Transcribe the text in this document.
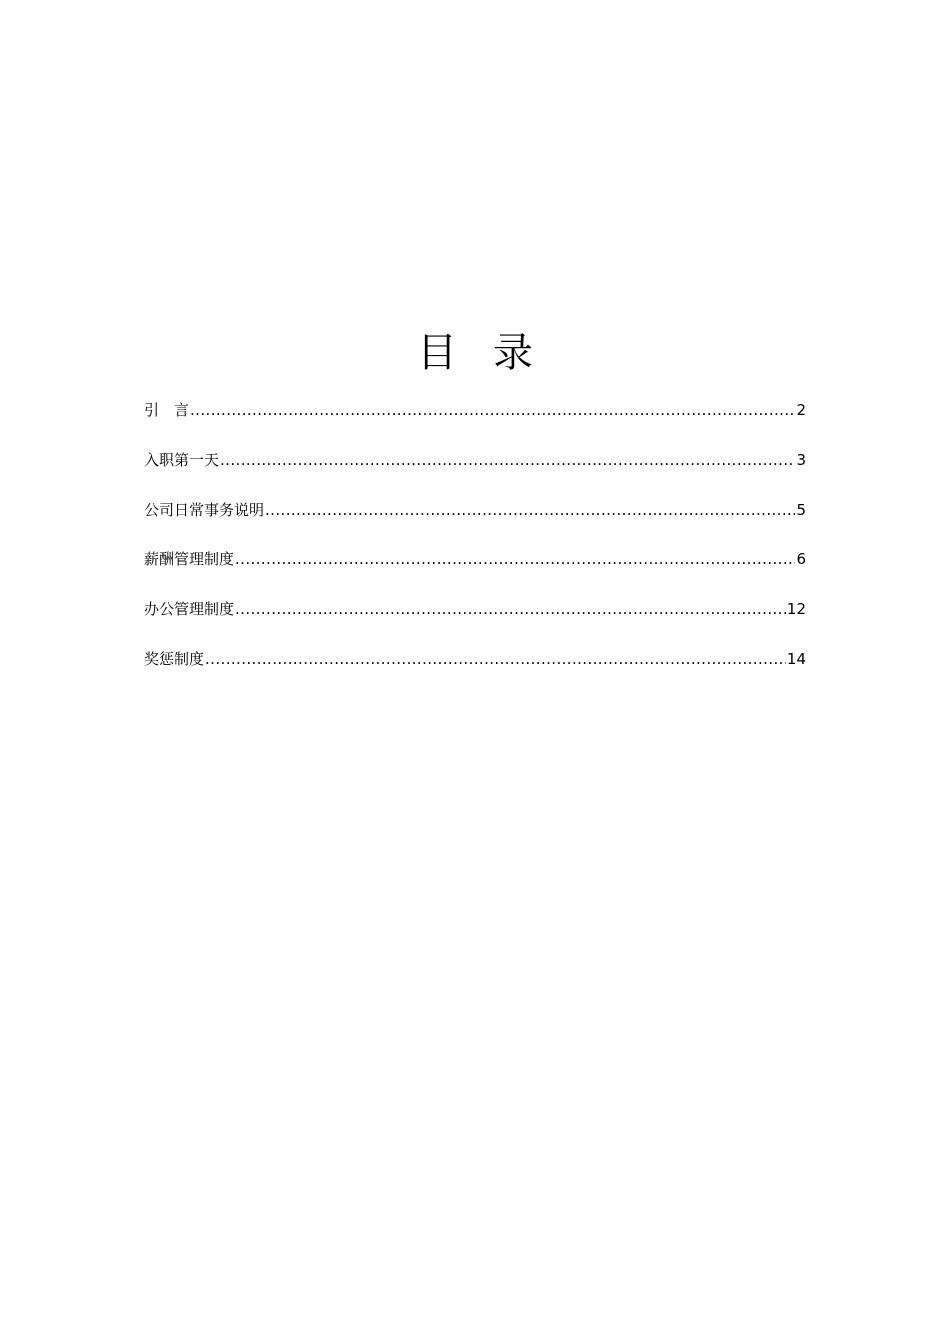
目录
引　言 .....	2
入职第一天 .....	3
公司日常事务说明 .....	5
薪酬管理制度 .....	6
办公管理制度 .....	12
奖惩制度 .....	14
